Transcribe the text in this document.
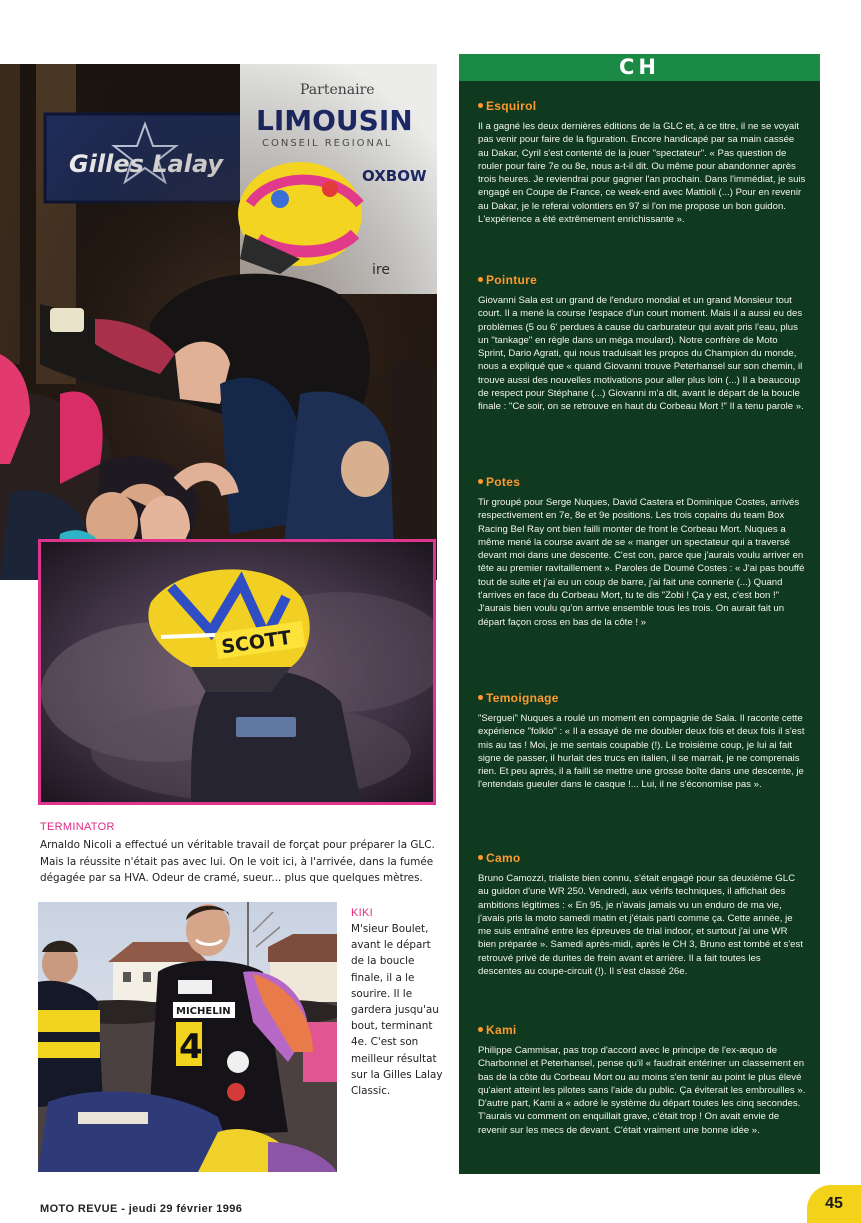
SCOTT
TERMINATOR
Arnaldo Nicoli a effectué un véritable travail de forçat pour préparer la GLC. Mais la réussite n'était pas avec lui. On le voit ici, à l'arrivée, dans la fumée dégagée par sa HVA. Odeur de cramé, sueur... plus que quelques mètres.
MICHELIN
4
KIKI
M'sieur Boulet, avant le départ de la boucle finale, il a le sourire. Il le gardera jusqu'au bout, terminant 4e. C'est son meilleur résultat sur la Gilles Lalay Classic.
CH
Esquirol
Il a gagné les deux dernières éditions de la GLC et, à ce titre, il ne se voyait pas venir pour faire de la figuration. Encore handicapé par sa main cassée au Dakar, Cyril s'est contenté de la jouer "spectateur". « Pas question de rouler pour faire 7e ou 8e, nous a-t-il dit. Ou même pour abandonner après trois heures. Je reviendrai pour gagner l'an prochain. Dans l'immédiat, je suis engagé en Coupe de France, ce week-end avec Mattioli (...) Pour en revenir au Dakar, je le referai volontiers en 97 si l'on me propose un bon guidon. L'expérience a été extrêmement enrichissante ».
Pointure
Giovanni Sala est un grand de l'enduro mondial et un grand Monsieur tout court. Il a mené la course l'espace d'un court moment. Mais il a aussi eu des problèmes (5 ou 6' perdues à cause du carburateur qui avait pris l'eau, plus un "tankage" en règle dans un méga moulard). Notre confrère de Moto Sprint, Dario Agrati, qui nous traduisait les propos du Champion du monde, nous a expliqué que « quand Giovanni trouve Peterhansel sur son chemin, il trouve aussi des nouvelles motivations pour aller plus loin (...) Il a beaucoup de respect pour Stéphane (...) Giovanni m'a dit, avant le départ de la boucle finale : "Ce soir, on se retrouve en haut du Corbeau Mort !" Il a tenu parole ».
Potes
Tir groupé pour Serge Nuques, David Castera et Dominique Costes, arrivés respectivement en 7e, 8e et 9e positions. Les trois copains du team Box Racing Bel Ray ont bien failli monter de front le Corbeau Mort. Nuques a même mené la course avant de se « manger un spectateur qui a traversé devant moi dans une descente. C'est con, parce que j'aurais voulu arriver en tête au premier ravitaillement ». Paroles de Doumé Costes : « J'ai pas bouffé tout de suite et j'ai eu un coup de barre, j'ai fait une connerie (...) Quand t'arrives en face du Corbeau Mort, tu te dis "Zobi ! Ça y est, c'est bon !" J'aurais bien voulu qu'on arrive ensemble tous les trois. On aurait fait un départ façon cross en bas de la côte ! »
Temoignage
"Serguei" Nuques a roulé un moment en compagnie de Sala. Il raconte cette expérience "folklo" : « Il a essayé de me doubler deux fois et deux fois il s'est mis au tas ! Moi, je me sentais coupable (!). Le troisième coup, je lui ai fait signe de passer, il hurlait des trucs en italien, il se marrait, je ne comprenais rien. Et peu après, il a failli se mettre une grosse boîte dans une descente, je l'entendais gueuler dans le casque !... Lui, il ne s'économise pas ».
Camo
Bruno Camozzi, trialiste bien connu, s'était engagé pour sa deuxième GLC au guidon d'une WR 250. Vendredi, aux vérifs techniques, il affichait des ambitions légitimes : « En 95, je n'avais jamais vu un enduro de ma vie, j'avais pris la moto samedi matin et j'étais parti comme ça. Cette année, je me suis entraîné entre les épreuves de trial indoor, et surtout j'ai une WR bien préparée ». Samedi après-midi, après le CH 3, Bruno est tombé et s'est retrouvé privé de durites de frein avant et arrière. Il a fait toutes les descentes au coupe-circuit (!). Il s'est classé 26e.
Kami
Philippe Cammisar, pas trop d'accord avec le principe de l'ex-æquo de Charbonnel et Peterhansel, pense qu'il « faudrait entériner un classement en bas de la côte du Corbeau Mort ou au moins s'en tenir au point le plus élevé qu'aient atteint les pilotes sans l'aide du public. Ça éviterait les embrouilles ». D'autre part, Kami a « adoré le système du départ toutes les cinq secondes. T'aurais vu comment on enquillait grave, c'était trop ! On avait envie de revenir sur les mecs de devant. C'était vraiment une bonne idée ».
MOTO REVUE - jeudi 29 février 1996	45
